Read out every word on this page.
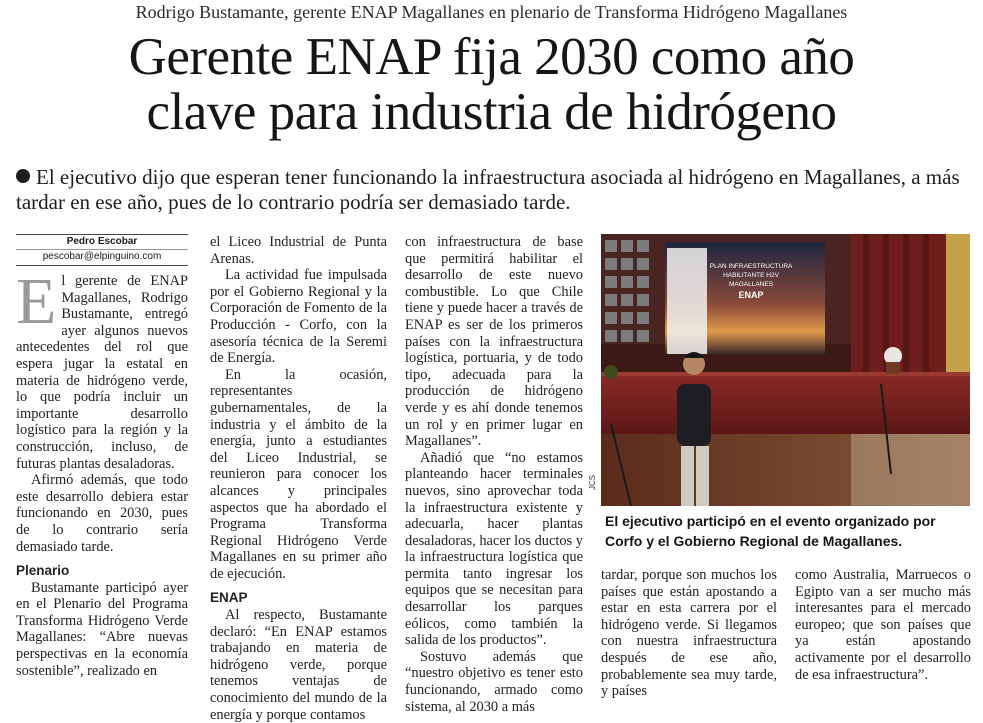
Rodrigo Bustamante, gerente ENAP Magallanes en plenario de Transforma Hidrógeno Magallanes
Gerente ENAP fija 2030 como año
clave para industria de hidrógeno
El ejecutivo dijo que esperan tener funcionando la infraestructura asociada al hidrógeno en Magallanes, a más tardar en ese año, pues de lo contrario podría ser demasiado tarde.
Pedro Escobar
pescobar@elpinguino.com

El gerente de ENAP Magallanes, Rodrigo Bustamante, entregó ayer algunos nuevos antecedentes del rol que espera jugar la estatal en materia de hidrógeno verde, lo que podría incluir un importante desarrollo logístico para la región y la construcción, incluso, de futuras plantas desaladoras.

Afirmó además, que todo este desarrollo debiera estar funcionando en 2030, pues de lo contrario sería demasiado tarde.

Plenario

Bustamante participó ayer en el Plenario del Programa Transforma Hidrógeno Verde Magallanes: “Abre nuevas perspectivas en la economía sostenible”, realizado en

el Liceo Industrial de Punta Arenas.

La actividad fue impulsada por el Gobierno Regional y la Corporación de Fomento de la Producción - Corfo, con la asesoría técnica de la Seremi de Energía.

En la ocasión, representantes gubernamentales, de la industria y el ámbito de la energía, junto a estudiantes del Liceo Industrial, se reunieron para conocer los alcances y principales aspectos que ha abordado el Programa Transforma Regional Hidrógeno Verde Magallanes en su primer año de ejecución.

ENAP

Al respecto, Bustamante declaró: “En ENAP estamos trabajando en materia de hidrógeno verde, porque tenemos ventajas de conocimiento del mundo de la energía y porque contamos

con infraestructura de base que permitirá habilitar el desarrollo de este nuevo combustible. Lo que Chile tiene y puede hacer a través de ENAP es ser de los primeros países con la infraestructura logística, portuaria, y de todo tipo, adecuada para la producción de hidrógeno verde y es ahí donde tenemos un rol y en primer lugar en Magallanes”.

Añadió que “no estamos planteando hacer terminales nuevos, sino aprovechar toda la infraestructura existente y adecuarla, hacer plantas desaladoras, hacer los ductos y la infraestructura logística que permita tanto ingresar los equipos que se necesitan para desarrollar los parques eólicos, como también la salida de los productos”.

Sostuvo además que “nuestro objetivo es tener esto funcionando, armado como sistema, al 2030 a más

PLAN INFRAESTRUCTURA
HABILITANTE H2V
MAGALLANES
ENAP
JCS
El ejecutivo participó en el evento organizado por Corfo y el Gobierno Regional de Magallanes.

tardar, porque son muchos los países que están apostando a estar en esta carrera por el hidrógeno verde. Si llegamos con nuestra infraestructura después de ese año, probablemente sea muy tarde, y países

como Australia, Marruecos o Egipto van a ser mucho más interesantes para el mercado europeo; que son países que ya están apostando activamente por el desarrollo de esa infraestructura”.
